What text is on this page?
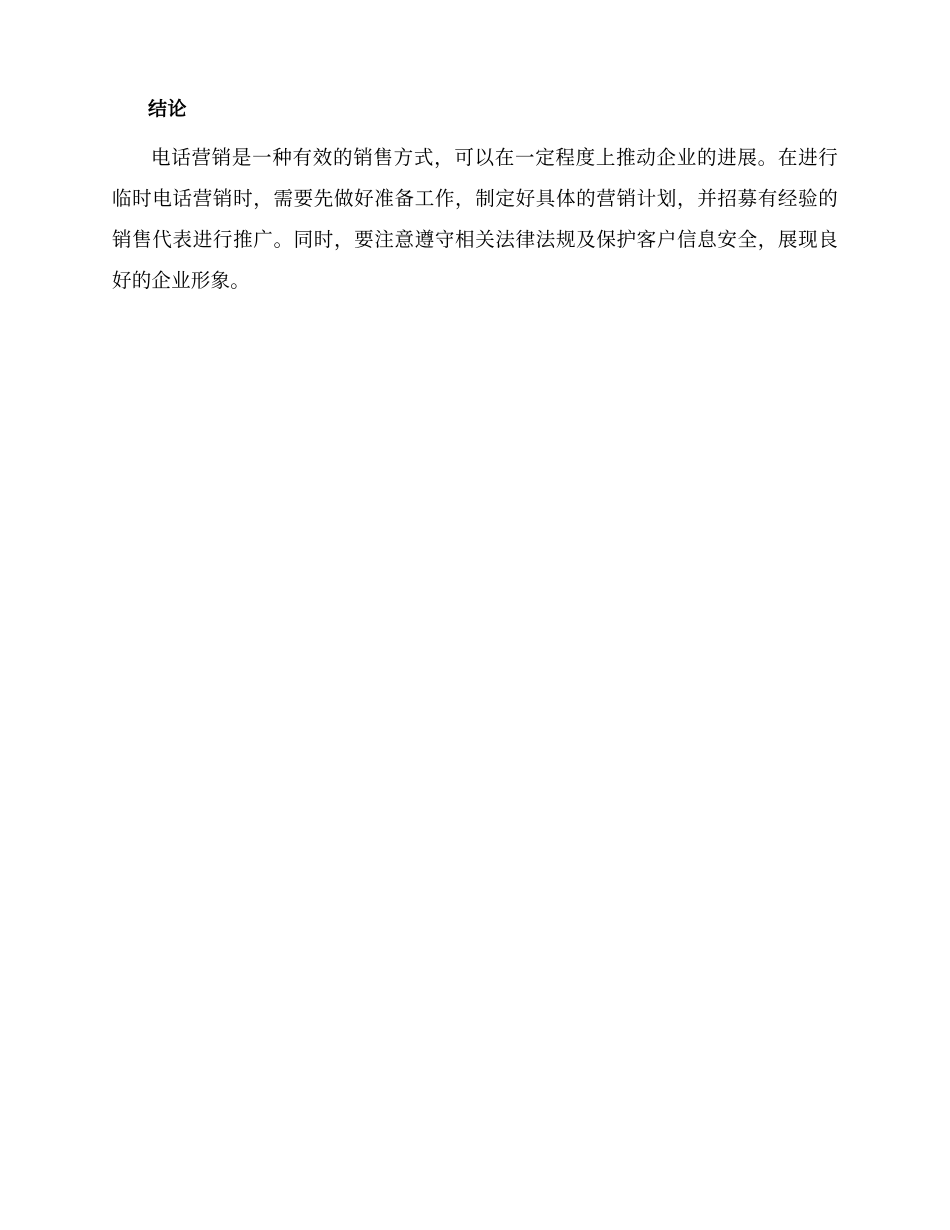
结论

电话营销是一种有效的销售方式，可以在一定程度上推动企业的进展。在进行临时电话营销时，需要先做好准备工作，制定好具体的营销计划，并招募有经验的销售代表进行推广。同时，要注意遵守相关法律法规及保护客户信息安全，展现良好的企业形象。
